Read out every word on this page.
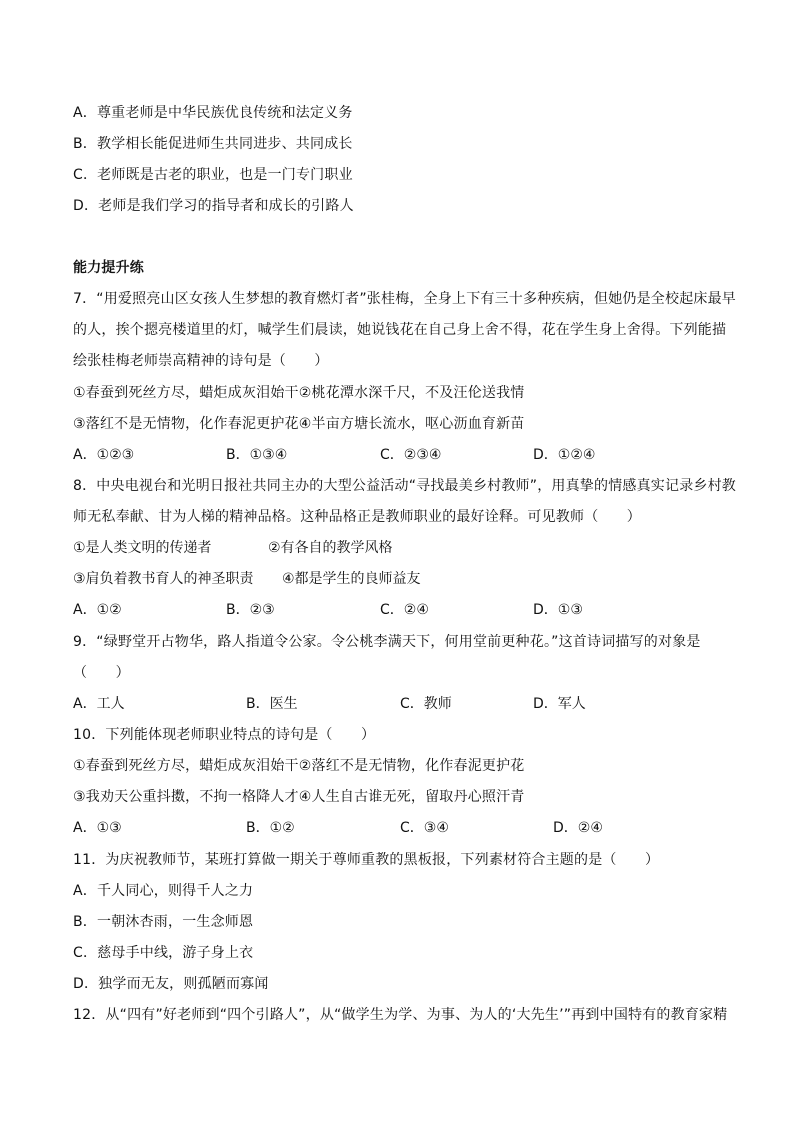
A．尊重老师是中华民族优良传统和法定义务
B．教学相长能促进师生共同进步、共同成长
C．老师既是古老的职业，也是一门专门职业
D．老师是我们学习的指导者和成长的引路人
能力提升练
7．“用爱照亮山区女孩人生梦想的教育燃灯者”张桂梅，全身上下有三十多种疾病，但她仍是全校起床最早
的人，挨个摁亮楼道里的灯，喊学生们晨读，她说钱花在自己身上舍不得，花在学生身上舍得。下列能描
绘张桂梅老师崇高精神的诗句是（　　）
①春蚕到死丝方尽，蜡炬成灰泪始干②桃花潭水深千尺，不及汪伦送我情
③落红不是无情物，化作春泥更护花④半亩方塘长流水，呕心沥血育新苗
A．①②③	B．①③④	C．②③④	D．①②④
8．中央电视台和光明日报社共同主办的大型公益活动“寻找最美乡村教师”，用真挚的情感真实记录乡村教
师无私奉献、甘为人梯的精神品格。这种品格正是教师职业的最好诠释。可见教师（　　）
①是人类文明的传递者	②有各自的教学风格
③肩负着教书育人的神圣职责 ④都是学生的良师益友
A．①②	B．②③	C．②④	D．①③
9．“绿野堂开占物华，路人指道令公家。令公桃李满天下，何用堂前更种花。”这首诗词描写的对象是
（　　）
A．工人	B．医生	C．教师	D．军人
10．下列能体现老师职业特点的诗句是（　　）
①春蚕到死丝方尽，蜡炬成灰泪始干②落红不是无情物，化作春泥更护花
③我劝天公重抖擞，不拘一格降人才④人生自古谁无死，留取丹心照汗青
A．①③	B．①②	C．③④	D．②④
11．为庆祝教师节，某班打算做一期关于尊师重教的黑板报，下列素材符合主题的是（　　）
A．千人同心，则得千人之力
B．一朝沐杏雨，一生念师恩
C．慈母手中线，游子身上衣
D．独学而无友，则孤陋而寡闻
12．从“四有”好老师到“四个引路人”，从“做学生为学、为事、为人的‘大先生’”再到中国特有的教育家精
